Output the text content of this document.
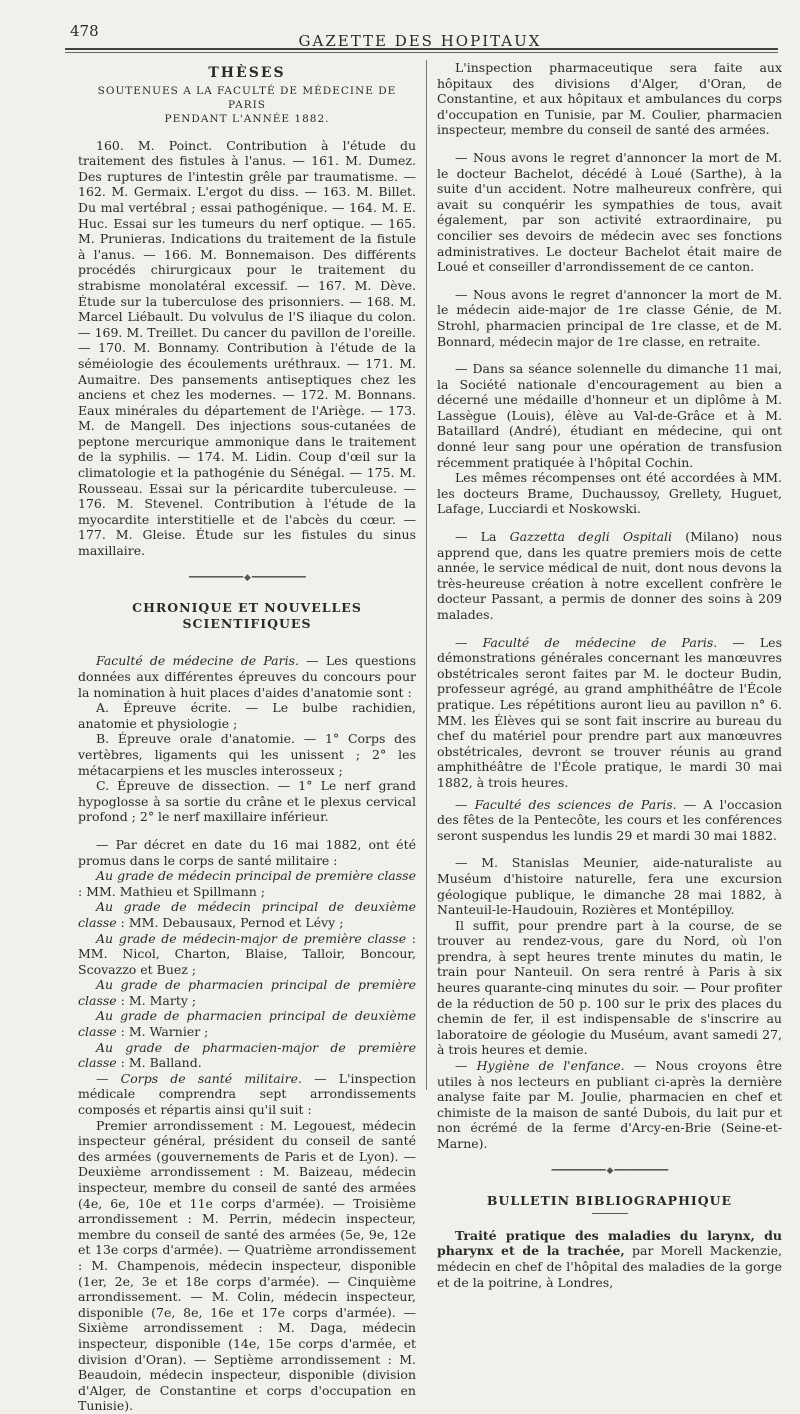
478
GAZETTE DES HOPITAUX
THÈSES
SOUTENUES A LA FACULTÉ DE MÉDECINE DE PARIS
PENDANT L'ANNÉE 1882.

160. M. Poinct. Contribution à l'étude du traitement des fistules à l'anus. — 161. M. Dumez. Des ruptures de l'intestin grêle par traumatisme. — 162. M. Germaix. L'ergot du diss. — 163. M. Billet. Du mal vertébral ; essai pathogénique. — 164. M. E. Huc. Essai sur les tumeurs du nerf optique. — 165. M. Prunieras. Indications du traitement de la fistule à l'anus. — 166. M. Bonnemaison. Des différents procédés chirurgicaux pour le traitement du strabisme monolatéral excessif. — 167. M. Dève. Étude sur la tuberculose des prisonniers. — 168. M. Marcel Liébault. Du volvulus de l'S iliaque du colon. — 169. M. Treillet. Du cancer du pavillon de l'oreille. — 170. M. Bonnamy. Contribution à l'étude de la séméiologie des écoulements uréthraux. — 171. M. Aumaitre. Des pansements antiseptiques chez les anciens et chez les modernes. — 172. M. Bonnans. Eaux minérales du département de l'Ariège. — 173. M. de Mangell. Des injections sous-cutanées de peptone mercurique ammonique dans le traitement de la syphilis. — 174. M. Lidin. Coup d'œil sur la climatologie et la pathogénie du Sénégal. — 175. M. Rousseau. Essai sur la péricardite tuberculeuse. — 176. M. Stevenel. Contribution à l'étude de la myocardite interstitielle et de l'abcès du cœur. — 177. M. Gleise. Étude sur les fistules du sinus maxillaire.

━━━━━━━━━━━━ ◆ ━━━━━━━━━━━━
CHRONIQUE ET NOUVELLES SCIENTIFIQUES

Faculté de médecine de Paris. — Les questions données aux différentes épreuves du concours pour la nomination à huit places d'aides d'anatomie sont :

A. Épreuve écrite. — Le bulbe rachidien, anatomie et physiologie ;

B. Épreuve orale d'anatomie. — 1° Corps des vertèbres, ligaments qui les unissent ; 2° les métacarpiens et les muscles interosseux ;

C. Épreuve de dissection. — 1° Le nerf grand hypoglosse à sa sortie du crâne et le plexus cervical profond ; 2° le nerf maxillaire inférieur.

— Par décret en date du 16 mai 1882, ont été promus dans le corps de santé militaire :

Au grade de médecin principal de première classe : MM. Mathieu et Spillmann ;

Au grade de médecin principal de deuxième classe : MM. Debausaux, Pernod et Lévy ;

Au grade de médecin-major de première classe : MM. Nicol, Charton, Blaise, Talloir, Boncour, Scovazzo et Buez ;

Au grade de pharmacien principal de première classe : M. Marty ;

Au grade de pharmacien principal de deuxième classe : M. Warnier ;

Au grade de pharmacien-major de première classe : M. Balland.

— Corps de santé militaire. — L'inspection médicale comprendra sept arrondissements composés et répartis ainsi qu'il suit :

Premier arrondissement : M. Legouest, médecin inspecteur général, président du conseil de santé des armées (gouvernements de Paris et de Lyon). — Deuxième arrondissement : M. Baizeau, médecin inspecteur, membre du conseil de santé des armées (4e, 6e, 10e et 11e corps d'armée). — Troisième arrondissement : M. Perrin, médecin inspecteur, membre du conseil de santé des armées (5e, 9e, 12e et 13e corps d'armée). — Quatrième arrondissement : M. Champenois, médecin inspecteur, disponible (1er, 2e, 3e et 18e corps d'armée). — Cinquième arrondissement. — M. Colin, médecin inspecteur, disponible (7e, 8e, 16e et 17e corps d'armée). — Sixième arrondissement : M. Daga, médecin inspecteur, disponible (14e, 15e corps d'armée, et division d'Oran). — Septième arrondissement : M. Beaudoin, médecin inspecteur, disponible (division d'Alger, de Constantine et corps d'occupation en Tunisie).

L'inspection pharmaceutique sera faite aux hôpitaux des divisions d'Alger, d'Oran, de Constantine, et aux hôpitaux et ambulances du corps d'occupation en Tunisie, par M. Coulier, pharmacien inspecteur, membre du conseil de santé des armées.

— Nous avons le regret d'annoncer la mort de M. le docteur Bachelot, décédé à Loué (Sarthe), à la suite d'un accident. Notre malheureux confrère, qui avait su conquérir les sympathies de tous, avait également, par son activité extraordinaire, pu concilier ses devoirs de médecin avec ses fonctions administratives. Le docteur Bachelot était maire de Loué et conseiller d'arrondissement de ce canton.

— Nous avons le regret d'annoncer la mort de M. le médecin aide-major de 1re classe Génie, de M. Strohl, pharmacien principal de 1re classe, et de M. Bonnard, médecin major de 1re classe, en retraite.

— Dans sa séance solennelle du dimanche 11 mai, la Société nationale d'encouragement au bien a décerné une médaille d'honneur et un diplôme à M. Lassègue (Louis), élève au Val-de-Grâce et à M. Bataillard (André), étudiant en médecine, qui ont donné leur sang pour une opération de transfusion récemment pratiquée à l'hôpital Cochin.

Les mêmes récompenses ont été accordées à MM. les docteurs Brame, Duchaussoy, Grellety, Huguet, Lafage, Lucciardi et Noskowski.

— La Gazzetta degli Ospitali (Milano) nous apprend que, dans les quatre premiers mois de cette année, le service médical de nuit, dont nous devons la très-heureuse création à notre excellent confrère le docteur Passant, a permis de donner des soins à 209 malades.

— Faculté de médecine de Paris. — Les démonstrations générales concernant les manœuvres obstétricales seront faites par M. le docteur Budin, professeur agrégé, au grand amphithéâtre de l'École pratique. Les répétitions auront lieu au pavillon n° 6. MM. les Élèves qui se sont fait inscrire au bureau du chef du matériel pour prendre part aux manœuvres obstétricales, devront se trouver réunis au grand amphithéâtre de l'École pratique, le mardi 30 mai 1882, à trois heures.

— Faculté des sciences de Paris. — A l'occasion des fêtes de la Pentecôte, les cours et les conférences seront suspendus les lundis 29 et mardi 30 mai 1882.

— M. Stanislas Meunier, aide-naturaliste au Muséum d'histoire naturelle, fera une excursion géologique publique, le dimanche 28 mai 1882, à Nanteuil-le-Haudouin, Rozières et Montépilloy.

Il suffit, pour prendre part à la course, de se trouver au rendez-vous, gare du Nord, où l'on prendra, à sept heures trente minutes du matin, le train pour Nanteuil. On sera rentré à Paris à six heures quarante-cinq minutes du soir. — Pour profiter de la réduction de 50 p. 100 sur le prix des places du chemin de fer, il est indispensable de s'inscrire au laboratoire de géologie du Muséum, avant samedi 27, à trois heures et demie.

— Hygiène de l'enfance. — Nous croyons être utiles à nos lecteurs en publiant ci-après la dernière analyse faite par M. Joulie, pharmacien en chef et chimiste de la maison de santé Dubois, du lait pur et non écrémé de la ferme d'Arcy-en-Brie (Seine-et-Marne).

━━━━━━━━━━━━ ◆ ━━━━━━━━━━━━
BULLETIN BIBLIOGRAPHIQUE

Traité pratique des maladies du larynx, du pharynx et de la trachée, par Morell Mackenzie, médecin en chef de l'hôpital des maladies de la gorge et de la poitrine, à Londres,
